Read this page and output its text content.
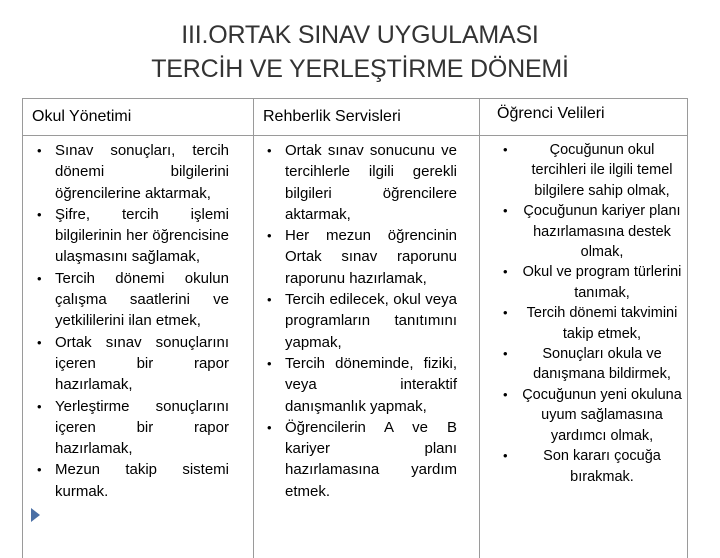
III.ORTAK SINAV UYGULAMASI
TERCİH VE YERLEŞTİRME DÖNEMİ
Okul Yönetimi	Rehberlik Servisleri	Öğrenci Velileri
• Sınav sonuçları, tercih dönemi bilgilerini öğrencilerine aktarmak,
• Şifre, tercih işlemi bilgilerinin her öğrencisine ulaşmasını sağlamak,
• Tercih dönemi okulun çalışma saatlerini ve yetkililerini ilan etmek,
• Ortak sınav sonuçlarını içeren bir rapor hazırlamak,
• Yerleştirme sonuçlarını içeren bir rapor hazırlamak,
• Mezun takip sistemi kurmak.
• Ortak sınav sonucunu ve tercihlerle ilgili gerekli bilgileri öğrencilere aktarmak,
• Her mezun öğrencinin Ortak sınav raporunu raporunu hazırlamak,
• Tercih edilecek, okul veya programların tanıtımını yapmak,
• Tercih döneminde, fiziki, veya interaktif danışmanlık yapmak,
• Öğrencilerin A ve B kariyer planı hazırlamasına yardım etmek.
• Çocuğunun okul tercihleri ile ilgili temel bilgilere sahip olmak,
• Çocuğunun kariyer planı hazırlamasına destek olmak,
• Okul ve program türlerini tanımak,
• Tercih dönemi takvimini takip etmek,
• Sonuçları okula ve danışmana bildirmek,
• Çocuğunun yeni okuluna uyum sağlamasına yardımcı olmak,
• Son kararı çocuğa bırakmak.
